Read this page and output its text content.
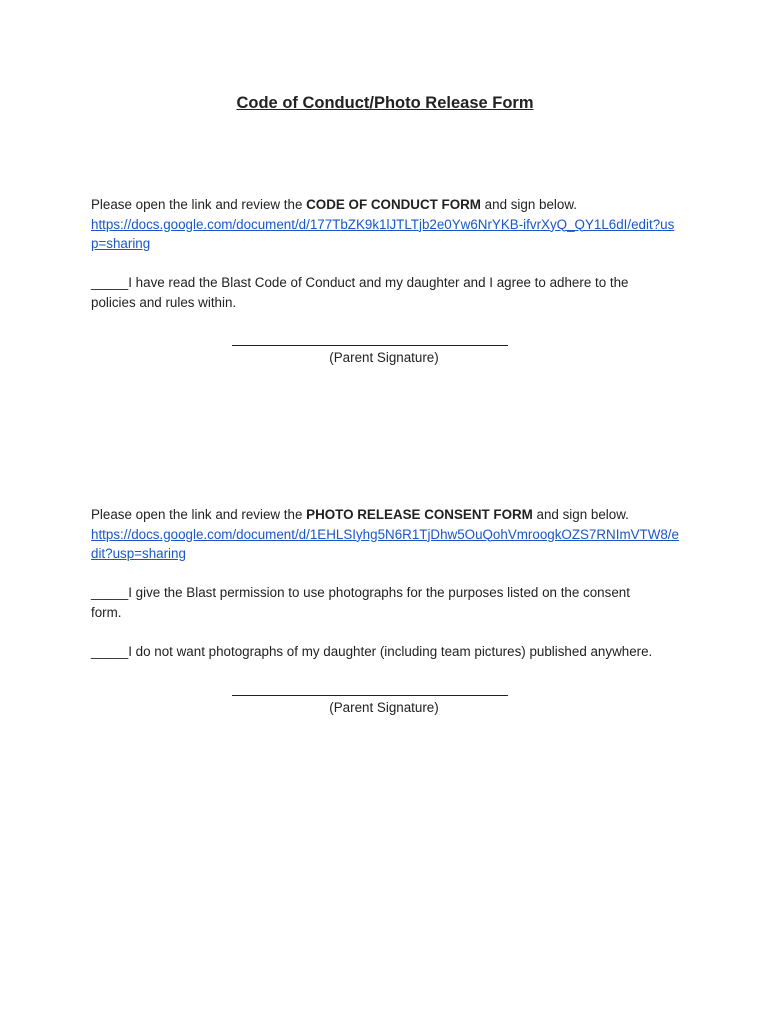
Code of Conduct/Photo Release Form

Please open the link and review the CODE OF CONDUCT FORM and sign below.

https://docs.google.com/document/d/177TbZK9k1lJTLTjb2e0Yw6NrYKB-ifvrXyQ_QY1L6dI/edit?usp=sharing

_____I have read the Blast Code of Conduct and my daughter and I agree to adhere to the
policies and rules within.

(Parent Signature)

Please open the link and review the PHOTO RELEASE CONSENT FORM and sign below.

https://docs.google.com/document/d/1EHLSIyhg5N6R1TjDhw5OuQohVmroogkOZS7RNImVTW8/edit?usp=sharing

_____I give the Blast permission to use photographs for the purposes listed on the consent
form.

_____I do not want photographs of my daughter (including team pictures) published anywhere.

(Parent Signature)
